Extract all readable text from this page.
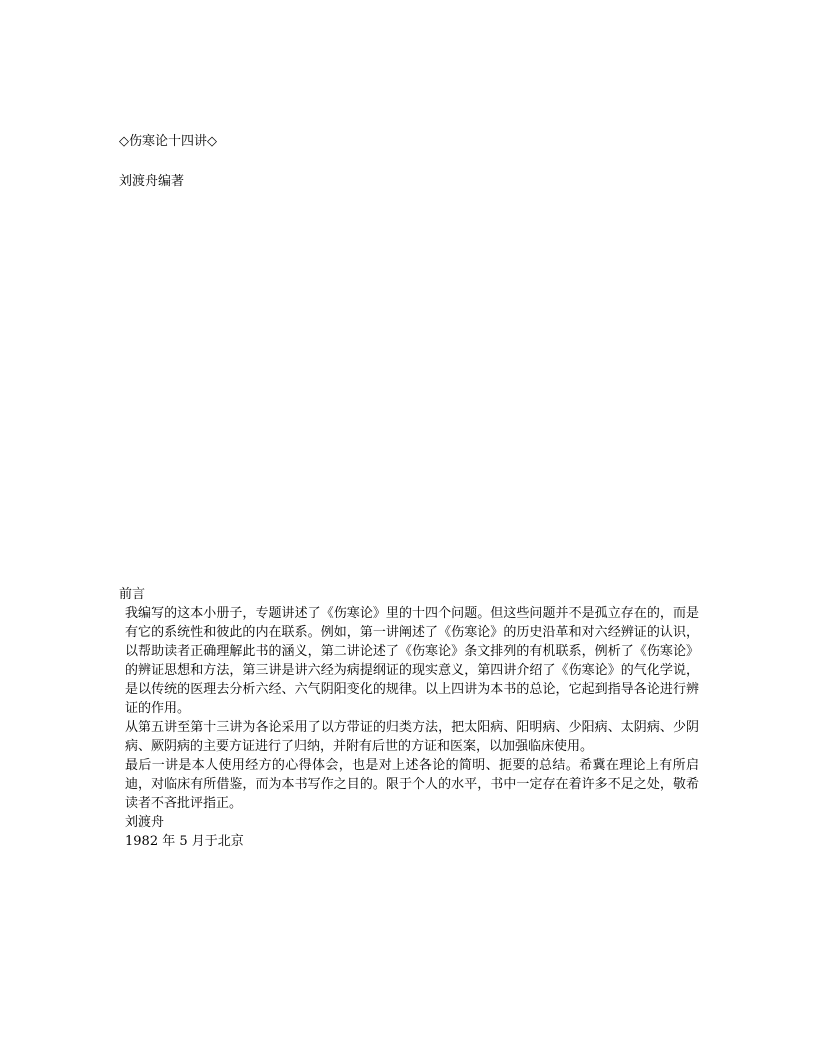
◇伤寒论十四讲◇
刘渡舟编著

前言

我编写的这本小册子，专题讲述了《伤寒论》里的十四个问题。但这些问题并不是孤立存在的，而是有它的系统性和彼此的内在联系。例如，第一讲阐述了《伤寒论》的历史沿革和对六经辨证的认识，以帮助读者正确理解此书的涵义，第二讲论述了《伤寒论》条文排列的有机联系，例析了《伤寒论》的辨证思想和方法，第三讲是讲六经为病提纲证的现实意义，第四讲介绍了《伤寒论》的气化学说，是以传统的医理去分析六经、六气阴阳变化的规律。以上四讲为本书的总论，它起到指导各论进行辨证的作用。

从第五讲至第十三讲为各论采用了以方带证的归类方法，把太阳病、阳明病、少阳病、太阴病、少阴病、厥阴病的主要方证进行了归纳，并附有后世的方证和医案，以加强临床使用。

最后一讲是本人使用经方的心得体会，也是对上述各论的简明、扼要的总结。希冀在理论上有所启迪，对临床有所借鉴，而为本书写作之目的。限于个人的水平，书中一定存在着许多不足之处，敬希读者不吝批评指正。

刘渡舟

1982 年 5 月于北京
